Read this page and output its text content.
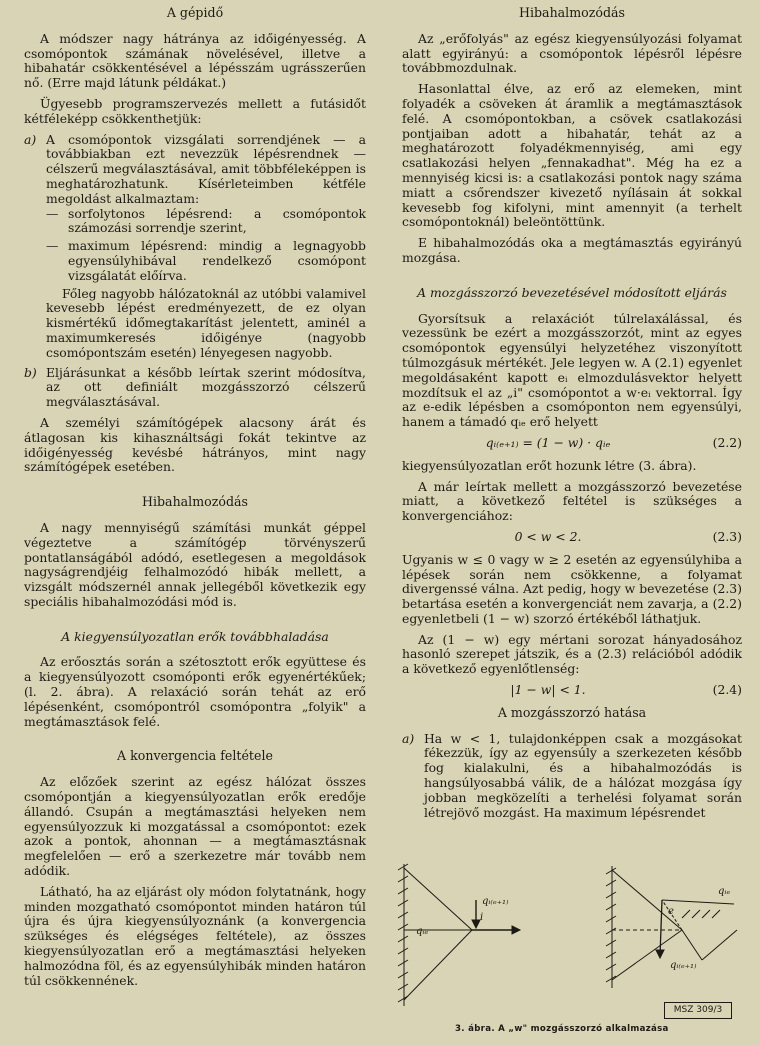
A gépidő

A módszer nagy hátránya az időigényesség. A csomópontok számának növelésével, illetve a hibahatár csökkentésével a lépésszám ugrásszerűen nő. (Erre majd látunk példákat.)

Ügyesebb programszervezés mellett a futásidőt kétféleképp csökkenthetjük:

a) A csomópontok vizsgálati sorrendjének — a továbbiakban ezt nevezzük lépésrendnek — célszerű megválasztásával, amit többféleképpen is meghatározhatunk. Kísérleteimben kétféle megoldást alkalmaztam:
— sorfolytonos lépésrend: a csomópontok számozási sorrendje szerint,
— maximum lépésrend: mindig a legnagyobb egyensúlyhibával rendelkező csomópont vizsgálatát előírva.
Főleg nagyobb hálózatoknál az utóbbi valamivel kevesebb lépést eredményezett, de ez olyan kismértékű időmegtakarítást jelentett, aminél a maximumkeresés időigénye (nagyobb csomópontszám esetén) lényegesen nagyobb.
b) Eljárásunkat a később leírtak szerint módosítva, az ott definiált mozgásszorzó célszerű megválasztásával.

A személyi számítógépek alacsony árát és átlagosan kis kihasználtsági fokát tekintve az időigényesség kevésbé hátrányos, mint nagy számítógépek esetében.

Hibahalmozódás

A nagy mennyiségű számítási munkát géppel végeztetve a számítógép törvényszerű pontatlanságából adódó, esetlegesen a megoldások nagyságrendjéig felhalmozódó hibák mellett, a vizsgált módszernél annak jellegéből következik egy speciális hibahalmozódási mód is.

A kiegyensúlyozatlan erők továbbhaladása

Az erőosztás során a szétosztott erők együttese és a kiegyensúlyozott csomóponti erők egyenértékűek; (l. 2. ábra). A relaxáció során tehát az erő lépésenként, csomópontról csomópontra „folyik" a megtámasztások felé.

A konvergencia feltétele

Az előzőek szerint az egész hálózat összes csomópontján a kiegyensúlyozatlan erők eredője állandó. Csupán a megtámasztási helyeken nem egyensúlyozzuk ki mozgatással a csomópontot: ezek azok a pontok, ahonnan — a megtámasztásnak megfelelően — erő a szerkezetre már tovább nem adódik.

Látható, ha az eljárást oly módon folytatnánk, hogy minden mozgatható csomópontot minden határon túl újra és újra kiegyensúlyoznánk (a konvergencia szükséges és elégséges feltétele), az összes kiegyensúlyozatlan erő a megtámasztási helyeken halmozódna föl, és az egyensúlyhibák minden határon túl csökkennének.

Hibahalmozódás

Az „erőfolyás" az egész kiegyensúlyozási folyamat alatt egyirányú: a csomópontok lépésről lépésre továbbmozdulnak.

Hasonlattal élve, az erő az elemeken, mint folyadék a csöveken át áramlik a megtámasztások felé. A csomópontokban, a csövek csatlakozási pontjaiban adott a hibahatár, tehát az a meghatározott folyadékmennyiség, ami egy csatlakozási helyen „fennakadhat". Még ha ez a mennyiség kicsi is: a csatlakozási pontok nagy száma miatt a csőrendszer kivezető nyílásain át sokkal kevesebb fog kifolyni, mint amennyit (a terhelt csomópontoknál) beleöntöttünk.

E hibahalmozódás oka a megtámasztás egyirányú mozgása.

A mozgásszorzó bevezetésével módosított eljárás

Gyorsítsuk a relaxációt túlrelaxálással, és vezessünk be ezért a mozgásszorzót, mint az egyes csomópontok egyensúlyi helyzetéhez viszonyított túlmozgásuk mértékét. Jele legyen w. A (2.1) egyenlet megoldásaként kapott eᵢ elmozdulásvektor helyett mozdítsuk el az „i" csomópontot a w·eᵢ vektorral. Így az e-edik lépésben a csomóponton nem egyensúlyi, hanem a támadó qᵢₑ erő helyett

qᵢ₍ₑ₊₁₎ = (1 − w) · qᵢₑ	(2.2)

kiegyensúlyozatlan erőt hozunk létre (3. ábra).

A már leírtak mellett a mozgásszorzó bevezetése miatt, a következő feltétel is szükséges a konvergenciához:

0 < w < 2.	(2.3)

Ugyanis w ≤ 0 vagy w ≥ 2 esetén az egyensúlyhiba a lépések során nem csökkenne, a folyamat divergenssé válna. Azt pedig, hogy w bevezetése (2.3) betartása esetén a konvergenciát nem zavarja, a (2.2) egyenletbeli (1 − w) szorzó értékéből láthatjuk.

Az (1 − w) egy mértani sorozat hányadosához hasonló szerepet játszik, és a (2.3) relációból adódik a következő egyenlőtlenség:

|1 − w| < 1.	(2.4)
A mozgásszorzó hatása
a) Ha w < 1, tulajdonképpen csak a mozgásokat fékezzük, így az egyensúly a szerkezeten később fog kialakulni, és a hibahalmozódás is hangsúlyosabbá válik, de a hálózat mozgása így jobban megközelíti a terhelési folyamat során létrejövő mozgást. Ha maximum lépésrendet
qᵢₑ
qᵢ₍ₑ₊₁₎
i
e
qᵢₑ
qᵢ₍ₑ₊₁₎
MSZ 309/3
3. ábra. A „w" mozgásszorzó alkalmazása
